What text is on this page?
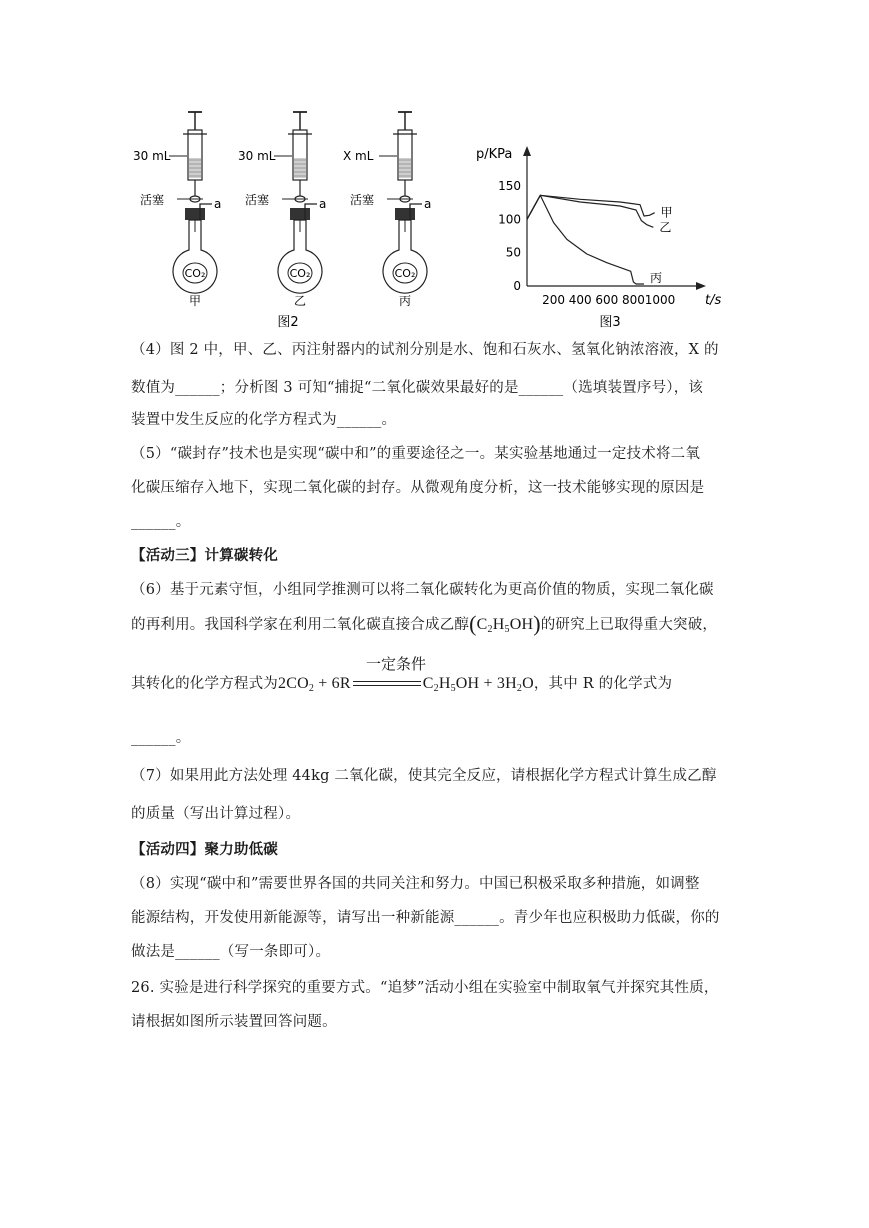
30 mL
活塞	a
CO₂
甲
30 mL
活塞	a
CO₂
乙
X mL
活塞	a
CO₂
丙
图2
p/KPa
t/s
150
100
50
0
200 400 600 800 1000
甲
乙
丙
图3
（4）图 2 中，甲、乙、丙注射器内的试剂分别是水、饱和石灰水、氢氧化钠浓溶液，X 的
数值为______；分析图 3 可知“捕捉“二氧化碳效果最好的是______（选填装置序号），该
装置中发生反应的化学方程式为______。
（5）“碳封存”技术也是实现“碳中和”的重要途径之一。某实验基地通过一定技术将二氧
化碳压缩存入地下，实现二氧化碳的封存。从微观角度分析，这一技术能够实现的原因是
______。
【活动三】计算碳转化
（6）基于元素守恒，小组同学推测可以将二氧化碳转化为更高价值的物质，实现二氧化碳
的再利用。我国科学家在利用二氧化碳直接合成乙醇$(C_2H_5OH)$的研究上已取得重大突破，
其转化的化学方程式为$2CO_2 + 6R$	$C_2H_5OH + 3H_2O$，其中 R 的化学式为
一定条件
______。
（7）如果用此方法处理 44kg 二氧化碳，使其完全反应，请根据化学方程式计算生成乙醇
的质量（写出计算过程）。
【活动四】聚力助低碳
（8）实现“碳中和”需要世界各国的共同关注和努力。中国已积极采取多种措施，如调整
能源结构，开发使用新能源等，请写出一种新能源______。青少年也应积极助力低碳，你的
做法是______（写一条即可）。
26. 实验是进行科学探究的重要方式。“追梦”活动小组在实验室中制取氧气并探究其性质，
请根据如图所示装置回答问题。
